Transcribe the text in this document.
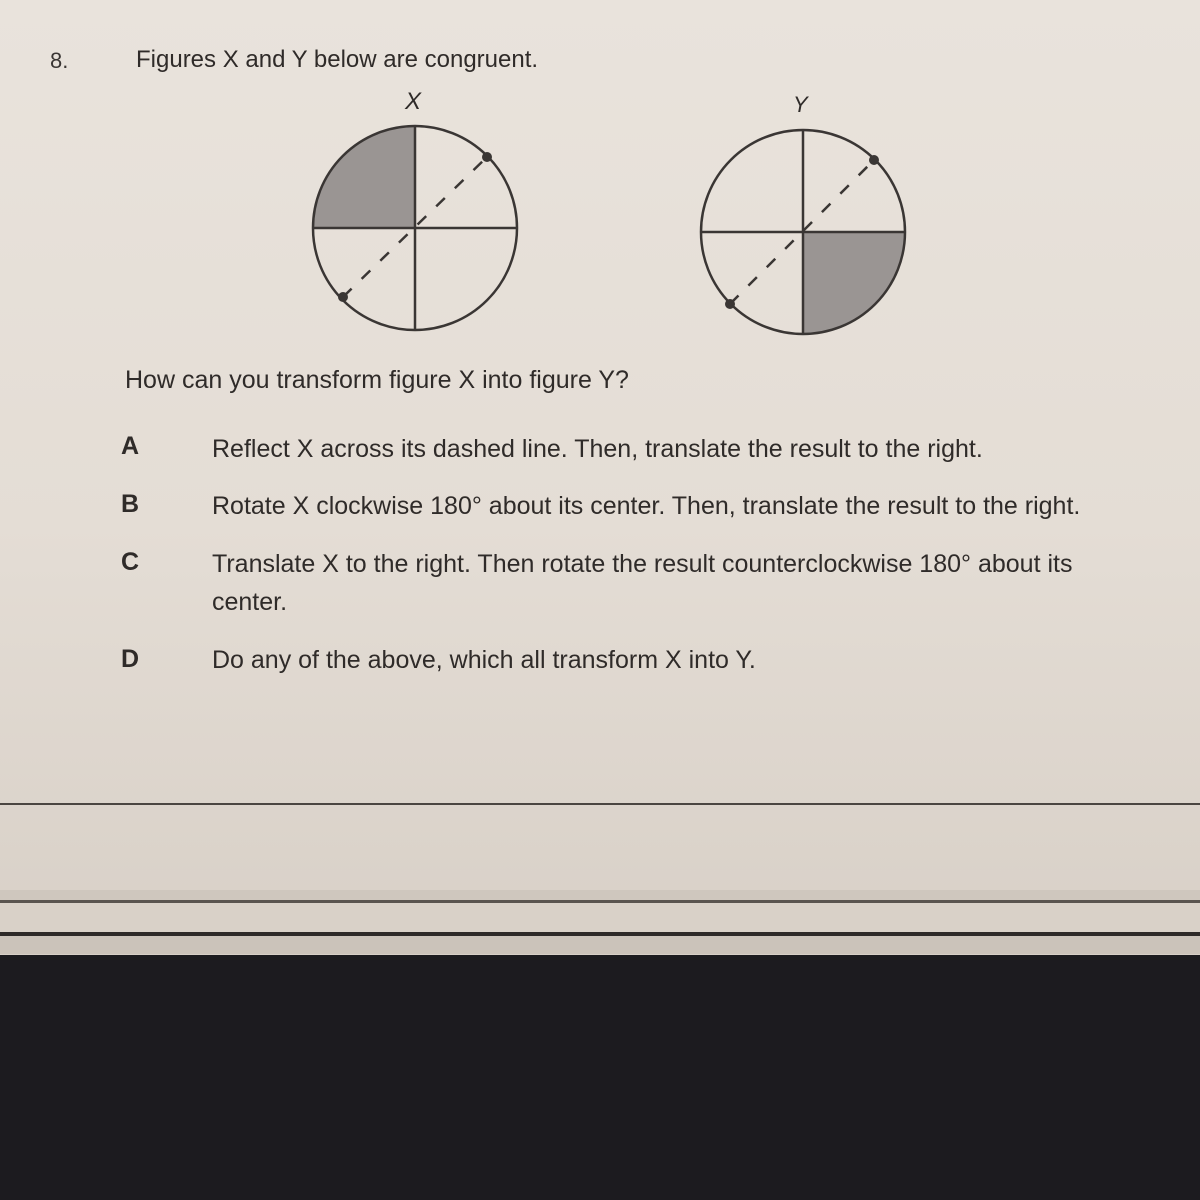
8.	Figures X and Y below are congruent.
X	Y
How can you transform figure X into figure Y?
A	Reflect X across its dashed line. Then, translate the result to the right.
B	Rotate X clockwise 180° about its center. Then, translate the result to the right.
C	Translate X to the right. Then rotate the result counterclockwise 180° about its center.
D	Do any of the above, which all transform X into Y.
